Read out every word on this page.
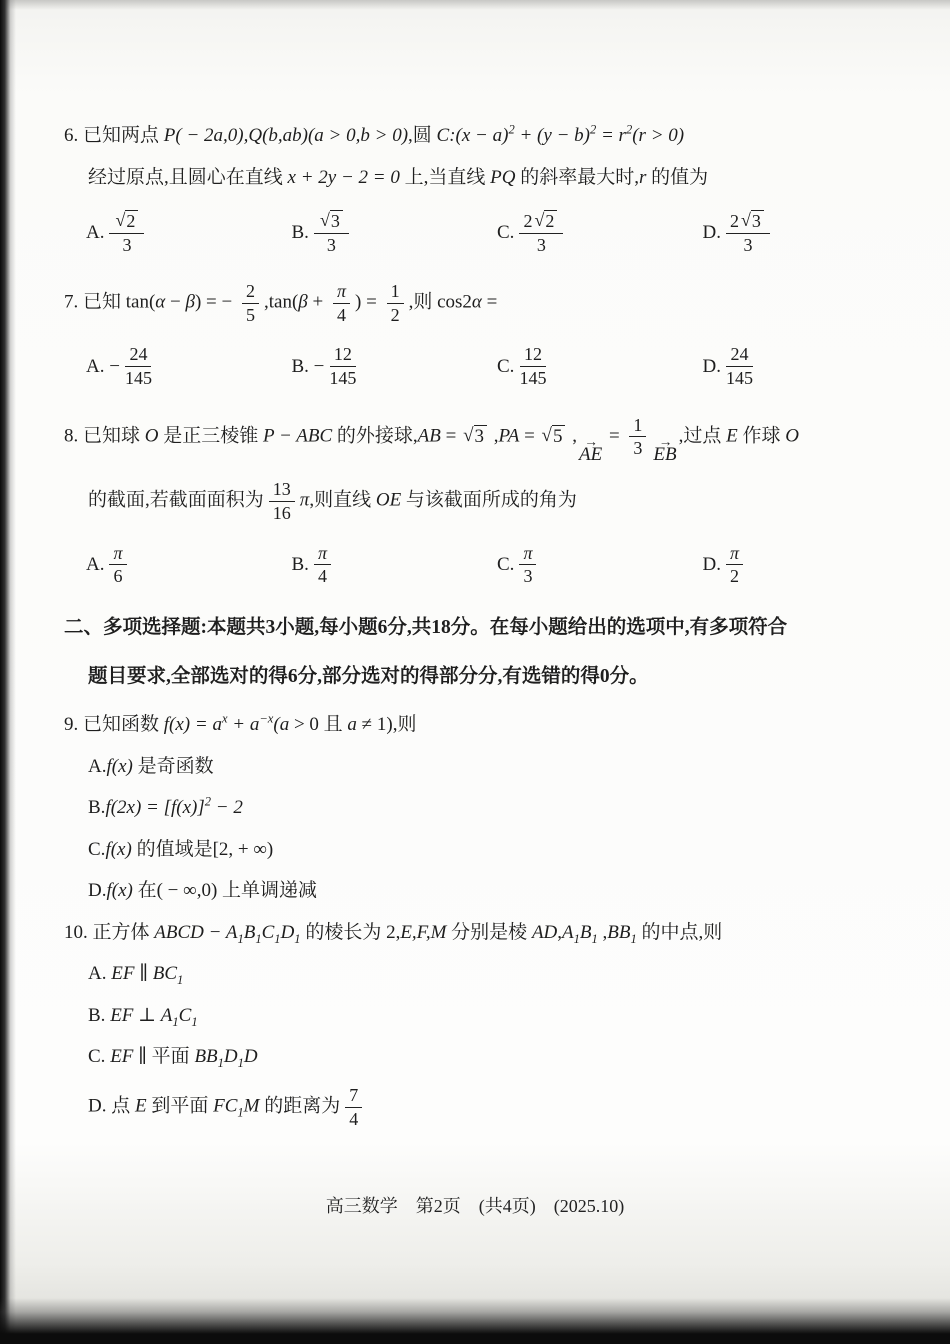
6. 已知两点 P( − 2a,0),Q(b,ab)(a > 0,b > 0),圆 C:(x − $a)^2 + (y - b)^2 = r^2(r > 0)$
经过原点,且圆心在直线 x + 2y − 2 = 0 上,当直线 PQ 的斜率最大时,r 的值为
A. $\frac{√ 2}{3}$	B. $\frac{√ 3}{3}$	C. $\frac{2 √ 2}{3}$	D. $\frac{2 √ 3}{3}$
7. 已知 tan(α − β) = − $\frac{2}{5} ,\tan(\beta + \frac{\pi}{4}$ ) = $\frac{1}{2}$ ,则 cos2α =
A. − $\frac{24}{145}$	B. − $\frac{12}{145}$	C. $\frac{12}{145}$	D. $\frac{24}{145}$
8. 已知球 O 是正三棱锥 P − ABC 的外接球,AB = √ 3 ,PA = √ 5 , →
AE
= $\frac{1}{3}$ →
EB
,过点 E 作球 O
的截面,若截面面积为 $\frac{13}{16} \pi$,则直线 OE 与该截面所成的角为
A. $\frac{\pi}{6}$	B. $\frac{\pi}{4}$	C. $\frac{\pi}{3}$	D. $\frac{\pi}{2}$
二、多项选择题:本题共3小题,每小题6分,共18分。在每小题给出的选项中,有多项符合
题目要求,全部选对的得6分,部分选对的得部分分,有选错的得0分。
9. 已知函数 $f(x) = a^x + a^{-x}(a > 0$ 且 a ≠ 1),则
A.f(x) 是奇函数
$B.f(2x) = [f(x)]^2 - 2$
C.f(x) 的值域是[2, + ∞)
D.f(x) 在( − ∞,0) 上单调递减
10. 正方体 ABCD − $A_1B_1C_1D_1$ 的棱长为 2,E,F,M 分别是棱 $AD,A_1B_1$ $,BB_1$ 的中点,则
A. EF ∥ $BC_1$
B. EF ⊥ $A_1C_1$
C. EF ∥ 平面 $BB_1D_1D$
D. 点 E 到平面 $FC_1M$ 的距离为 $\frac{7}{4}$
高三数学　第2页　(共4页)　(2025.10)
